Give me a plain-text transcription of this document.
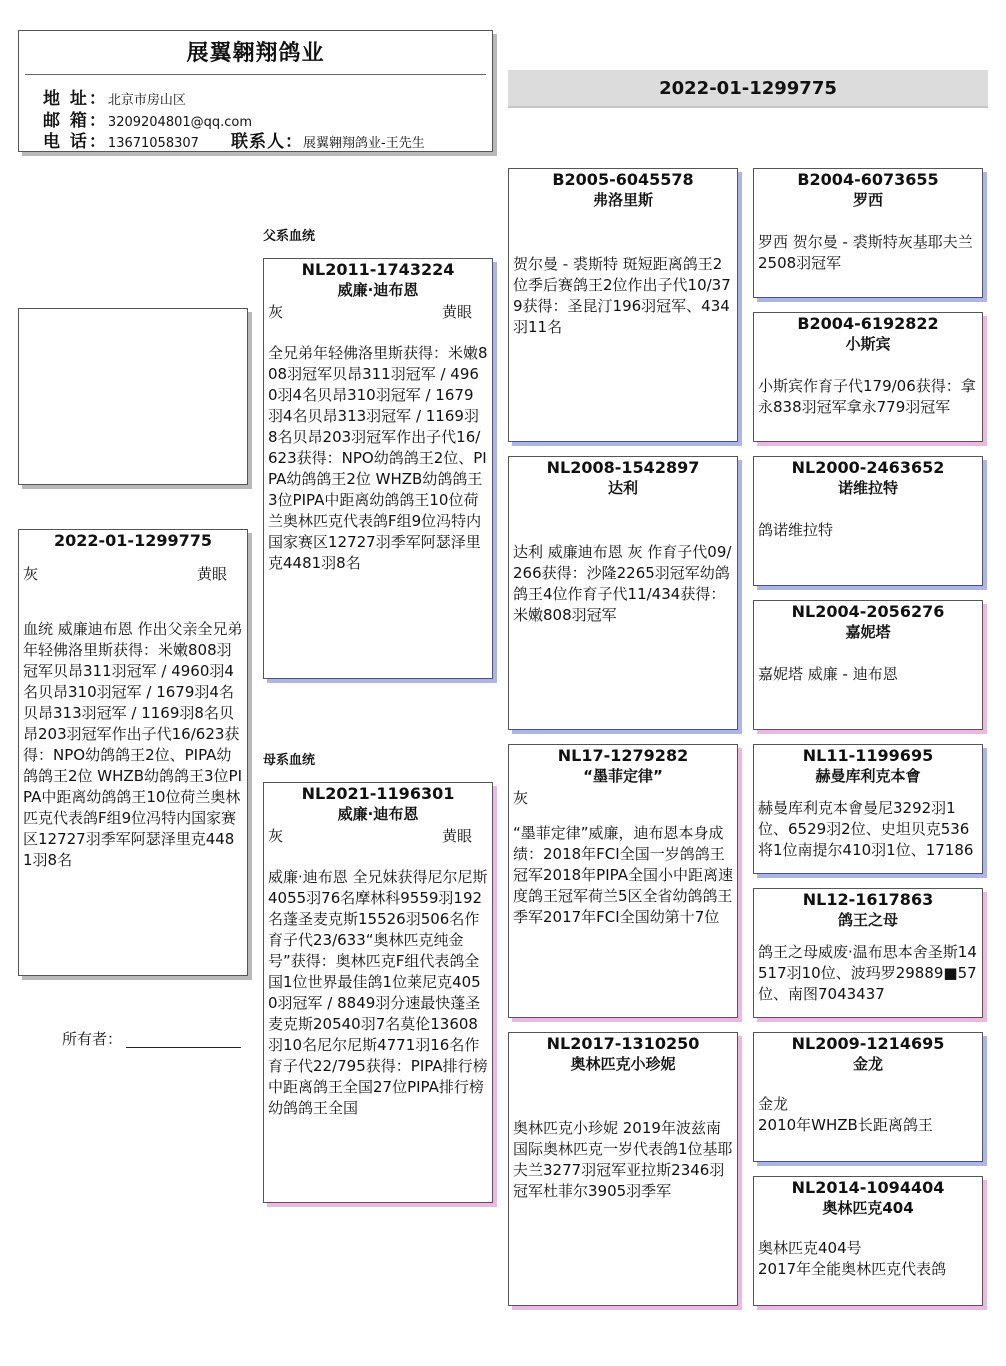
展翼翱翔鸽业
地 址：北京市房山区
邮 箱：3209204801@qq.com
电 话：13671058307 联系人：展翼翱翔鸽业-王先生
2022-01-1299775
2022-01-1299775
灰	黄眼
血统 威廉迪布恩 作出父亲全兄弟年轻佛洛里斯获得：米嫩808羽冠军贝昂311羽冠军 / 4960羽4名贝昂310羽冠军 / 1679羽4名贝昂313羽冠军 / 1169羽8名贝昂203羽冠军作出子代16/623获得：NPO幼鸽鸽王2位、PIPA幼鸽鸽王2位 WHZB幼鸽鸽王3位PIPA中距离幼鸽鸽王10位荷兰奥林匹克代表鸽F组9位冯特内国家赛区12727羽季军阿瑟泽里克4481羽8名
父系血统
母系血统
NL2011-1743224
威廉·迪布恩
灰	黄眼
全兄弟年轻佛洛里斯获得：米嫩808羽冠军贝昂311羽冠军 / 4960羽4名贝昂310羽冠军 / 1679羽4名贝昂313羽冠军 / 1169羽8名贝昂203羽冠军作出子代16/623获得：NPO幼鸽鸽王2位、PIPA幼鸽鸽王2位 WHZB幼鸽鸽王3位PIPA中距离幼鸽鸽王10位荷兰奥林匹克代表鸽F组9位冯特内国家赛区12727羽季军阿瑟泽里克4481羽8名
NL2021-1196301
威廉·迪布恩
灰	黄眼
威廉·迪布恩 全兄妹获得尼尔尼斯4055羽76名摩林科9559羽192名蓬圣麦克斯15526羽506名作育子代23/633“奥林匹克纯金号”获得：奥林匹克F组代表鸽全国1位世界最佳鸽1位莱尼克4050羽冠军 / 8849羽分速最快蓬圣麦克斯20540羽7名莫伦13608羽10名尼尔尼斯4771羽16名作育子代22/795获得：PIPA排行榜中距离鸽王全国27位PIPA排行榜幼鸽鸽王全国
B2005-6045578
弗洛里斯
贺尔曼 - 裘斯特 斑短距离鸽王2位季后赛鸽王2位作出子代10/379获得：圣昆汀196羽冠军、434羽11名
NL2008-1542897
达利
达利 威廉迪布恩 灰 作育子代09/266获得：沙隆2265羽冠军幼鸽鸽王4位作育子代11/434获得：米嫩808羽冠军
NL17-1279282
“墨菲定律”
灰
“墨菲定律”威廉，迪布恩本身成绩：2018年FCI全国一岁鸽鸽王冠军2018年PIPA全国小中距离速度鸽王冠军荷兰5区全省幼鸽鸽王季军2017年FCI全国幼第十7位
NL2017-1310250
奥林匹克小珍妮
奥林匹克小珍妮 2019年波兹南国际奥林匹克一岁代表鸽1位基耶夫兰3277羽冠军亚拉斯2346羽冠军杜菲尔3905羽季军
B2004-6073655
罗西
罗西 贺尔曼 - 裘斯特灰基耶夫兰2508羽冠军
B2004-6192822
小斯宾
小斯宾作育子代179/06获得：拿永838羽冠军拿永779羽冠军
NL2000-2463652
诺维拉特
鸽诺维拉特
NL2004-2056276
嘉妮塔
嘉妮塔 威廉 - 迪布恩
NL11-1199695
赫曼库利克本會
赫曼库利克本會曼尼3292羽1位、6529羽2位、史坦贝克536将1位南提尔410羽1位、17186
NL12-1617863
鸽王之母
鸽王之母威废·温布思本舍圣斯14517羽10位、波玛罗29889■57位、南图7043437
NL2009-1214695
金龙
金龙
2010年WHZB长距离鸽王
NL2014-1094404
奥林匹克404
奥林匹克404号
2017年全能奥林匹克代表鸽
所有者：
